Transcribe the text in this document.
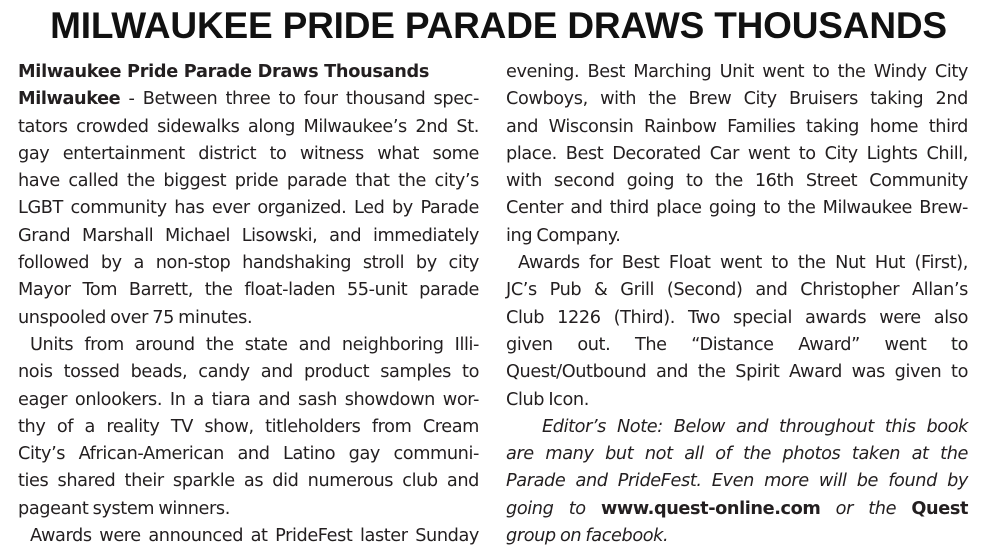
MILWAUKEE PRIDE PARADE DRAWS THOUSANDS
Milwaukee Pride Parade Draws Thousands
Milwaukee - Between three to four thousand spec-
tators crowded sidewalks along Milwaukee’s 2nd St.
gay entertainment district to witness what some
have called the biggest pride parade that the city’s
LGBT community has ever organized. Led by Parade
Grand Marshall Michael Lisowski, and immediately
followed by a non-stop handshaking stroll by city
Mayor Tom Barrett, the float-laden 55-unit parade
unspooled over 75 minutes.
Units from around the state and neighboring Illi-
nois tossed beads, candy and product samples to
eager onlookers. In a tiara and sash showdown wor-
thy of a reality TV show, titleholders from Cream
City’s African-American and Latino gay communi-
ties shared their sparkle as did numerous club and
pageant system winners.
Awards were announced at PrideFest laster Sunday
evening. Best Marching Unit went to the Windy City
Cowboys, with the Brew City Bruisers taking 2nd
and Wisconsin Rainbow Families taking home third
place. Best Decorated Car went to City Lights Chill,
with second going to the 16th Street Community
Center and third place going to the Milwaukee Brew-
ing Company.
Awards for Best Float went to the Nut Hut (First),
JC’s Pub & Grill (Second) and Christopher Allan’s
Club 1226 (Third). Two special awards were also
given out. The “Distance Award” went to
Quest/Outbound and the Spirit Award was given to
Club Icon.
Editor’s Note: Below and throughout this book
are many but not all of the photos taken at the
Parade and PrideFest. Even more will be found by
going to www.quest-online.com or the Quest
group on facebook.
